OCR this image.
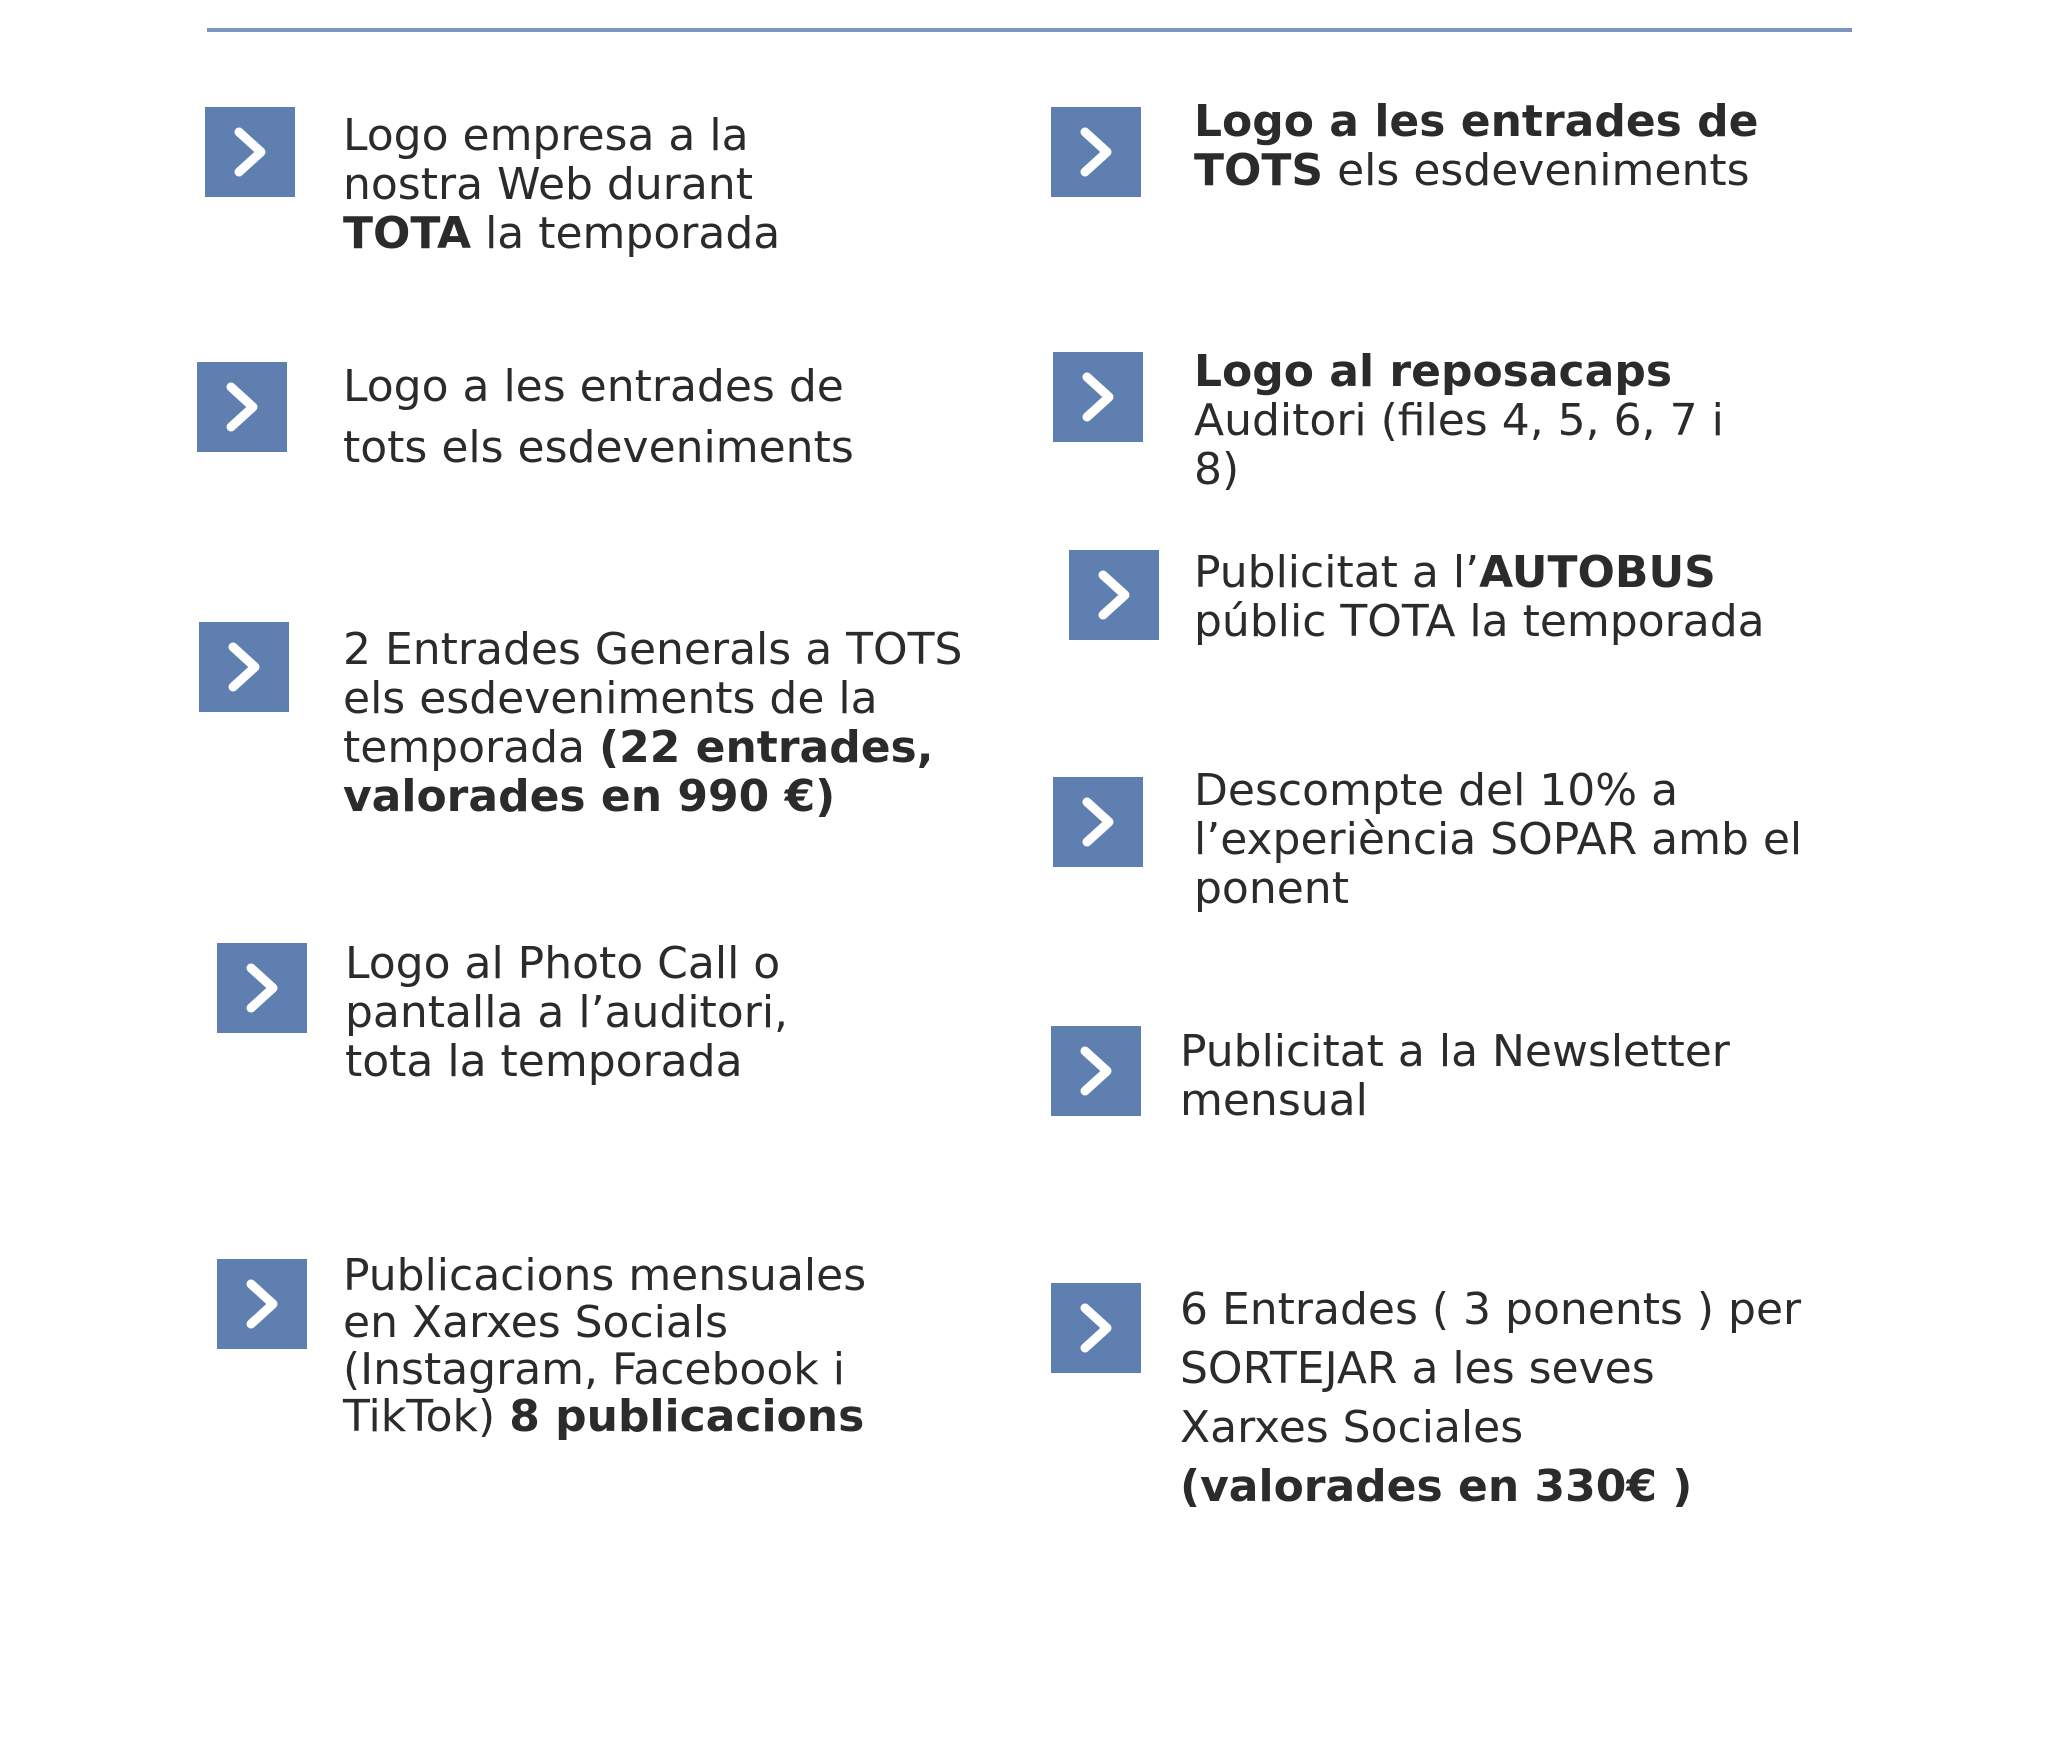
Logo empresa a la
nostra Web durant
TOTA la temporada
Logo a les entrades de
tots els esdeveniments
2 Entrades Generals a TOTS
els esdeveniments de la
temporada (22 entrades,
valorades en 990 €)
Logo al Photo Call o
pantalla a l’auditori,
tota la temporada
Publicacions mensuales
en Xarxes Socials
(Instagram, Facebook i
TikTok) 8 publicacions
Logo a les entrades de
TOTS els esdeveniments
Logo al reposacaps
Auditori (files 4, 5, 6, 7 i
8)
Publicitat a l’AUTOBUS
públic TOTA la temporada
Descompte del 10% a
l’experiència SOPAR amb el
ponent
Publicitat a la Newsletter
mensual
6 Entrades ( 3 ponents ) per
SORTEJAR a les seves
Xarxes Sociales
(valorades en 330€ )
